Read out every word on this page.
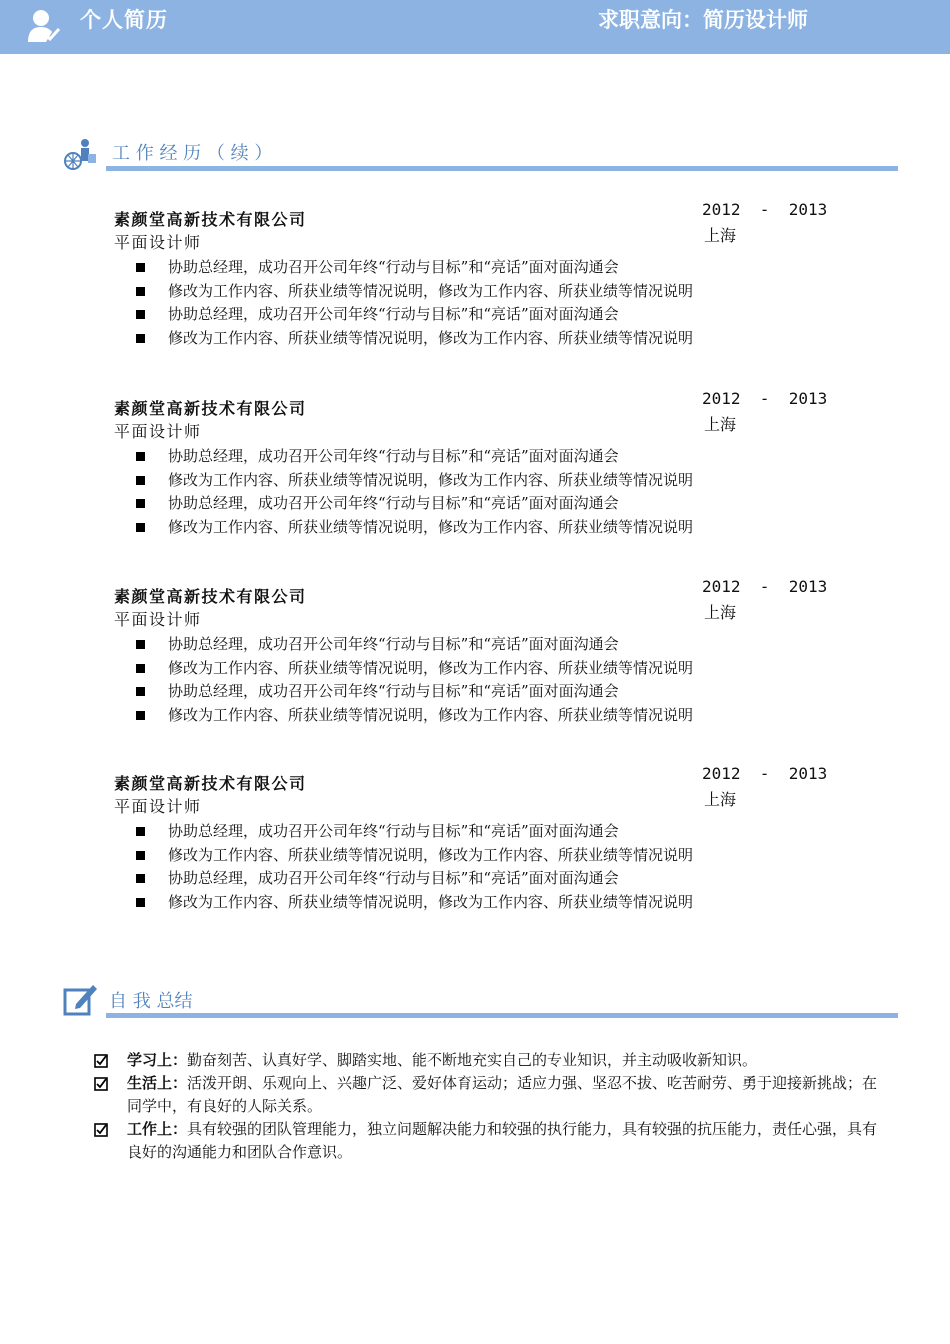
个人简历	求职意向：简历设计师
工 作 经 历 （ 续 ）
素颜堂高新技术有限公司
平面设计师
2012  -  2013
上海
协助总经理，成功召开公司年终“行动与目标”和“亮话”面对面沟通会
修改为工作内容、所获业绩等情况说明，修改为工作内容、所获业绩等情况说明
协助总经理，成功召开公司年终“行动与目标”和“亮话”面对面沟通会
修改为工作内容、所获业绩等情况说明，修改为工作内容、所获业绩等情况说明
素颜堂高新技术有限公司
平面设计师
2012  -  2013
上海
协助总经理，成功召开公司年终“行动与目标”和“亮话”面对面沟通会
修改为工作内容、所获业绩等情况说明，修改为工作内容、所获业绩等情况说明
协助总经理，成功召开公司年终“行动与目标”和“亮话”面对面沟通会
修改为工作内容、所获业绩等情况说明，修改为工作内容、所获业绩等情况说明
素颜堂高新技术有限公司
平面设计师
2012  -  2013
上海
协助总经理，成功召开公司年终“行动与目标”和“亮话”面对面沟通会
修改为工作内容、所获业绩等情况说明，修改为工作内容、所获业绩等情况说明
协助总经理，成功召开公司年终“行动与目标”和“亮话”面对面沟通会
修改为工作内容、所获业绩等情况说明，修改为工作内容、所获业绩等情况说明
素颜堂高新技术有限公司
平面设计师
2012  -  2013
上海
协助总经理，成功召开公司年终“行动与目标”和“亮话”面对面沟通会
修改为工作内容、所获业绩等情况说明，修改为工作内容、所获业绩等情况说明
协助总经理，成功召开公司年终“行动与目标”和“亮话”面对面沟通会
修改为工作内容、所获业绩等情况说明，修改为工作内容、所获业绩等情况说明
自 我 总结
学习上：勤奋刻苦、认真好学、脚踏实地、能不断地充实自己的专业知识，并主动吸收新知识。
生活上：活泼开朗、乐观向上、兴趣广泛、爱好体育运动；适应力强、坚忍不拔、吃苦耐劳、勇于迎接新挑战；在同学中，有良好的人际关系。
工作上：具有较强的团队管理能力，独立问题解决能力和较强的执行能力，具有较强的抗压能力，责任心强，具有良好的沟通能力和团队合作意识。
